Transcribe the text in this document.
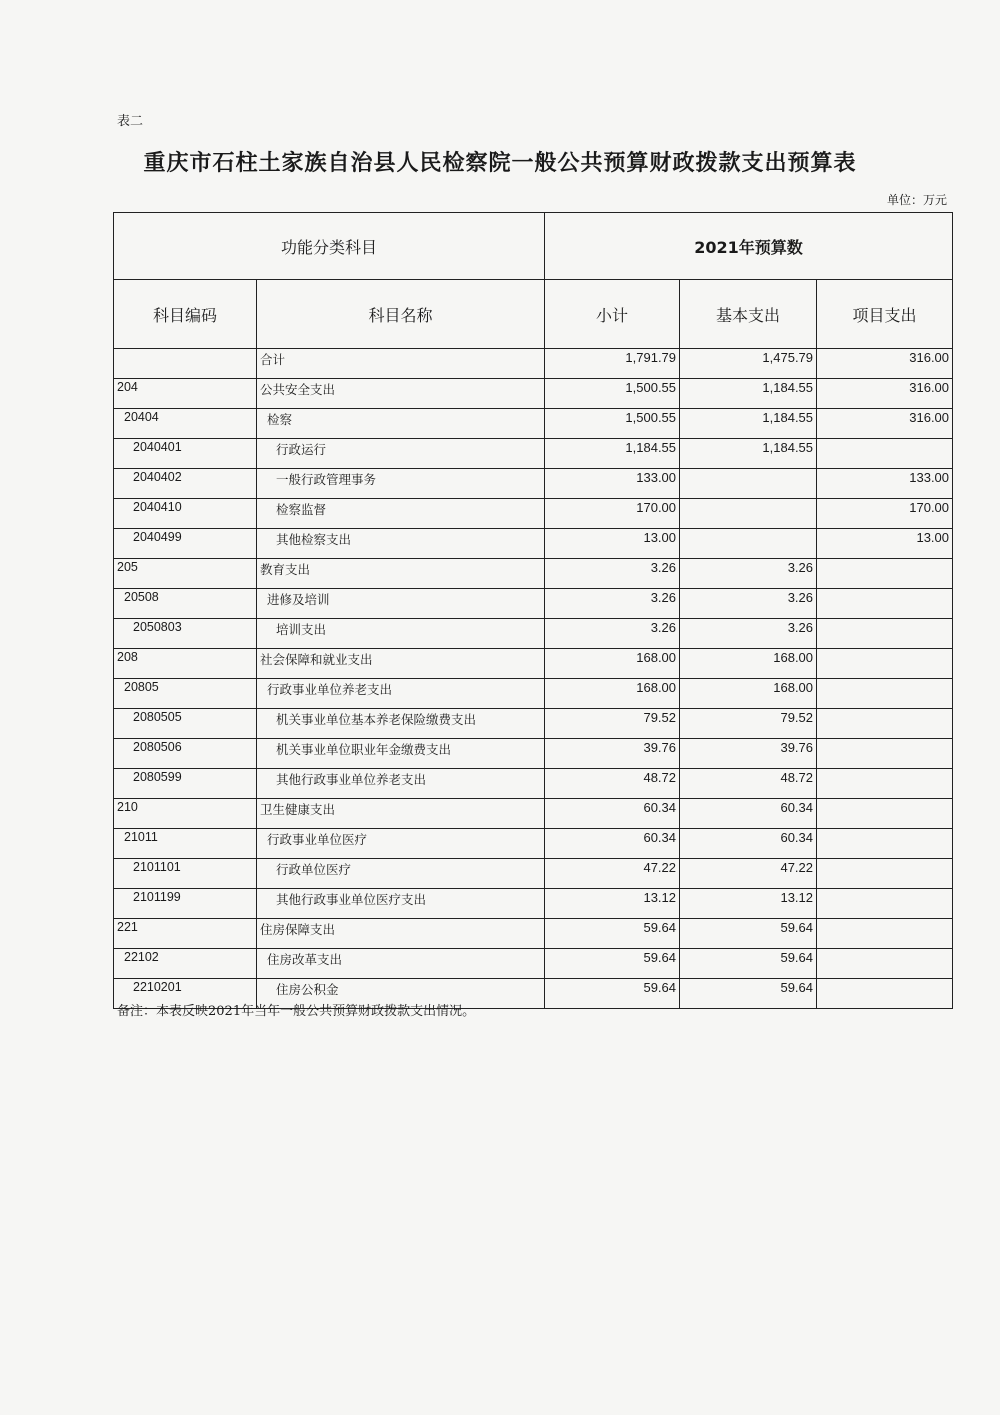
表二
重庆市石柱土家族自治县人民检察院一般公共预算财政拨款支出预算表
单位：万元
功能分类科目		2021年预算数		
科目编码	科目名称	小计	基本支出	项目支出
	合计	1,791.79	1,475.79	316.00
204	公共安全支出	1,500.55	1,184.55	316.00
20404	检察	1,500.55	1,184.55	316.00
2040401	行政运行	1,184.55	1,184.55	
2040402	一般行政管理事务	133.00		133.00
2040410	检察监督	170.00		170.00
2040499	其他检察支出	13.00		13.00
205	教育支出	3.26	3.26	
20508	进修及培训	3.26	3.26	
2050803	培训支出	3.26	3.26	
208	社会保障和就业支出	168.00	168.00	
20805	行政事业单位养老支出	168.00	168.00	
2080505	机关事业单位基本养老保险缴费支出	79.52	79.52	
2080506	机关事业单位职业年金缴费支出	39.76	39.76	
2080599	其他行政事业单位养老支出	48.72	48.72	
210	卫生健康支出	60.34	60.34	
21011	行政事业单位医疗	60.34	60.34	
2101101	行政单位医疗	47.22	47.22	
2101199	其他行政事业单位医疗支出	13.12	13.12	
221	住房保障支出	59.64	59.64	
22102	住房改革支出	59.64	59.64	
2210201	住房公积金	59.64	59.64	
备注：本表反映2021年当年一般公共预算财政拨款支出情况。
